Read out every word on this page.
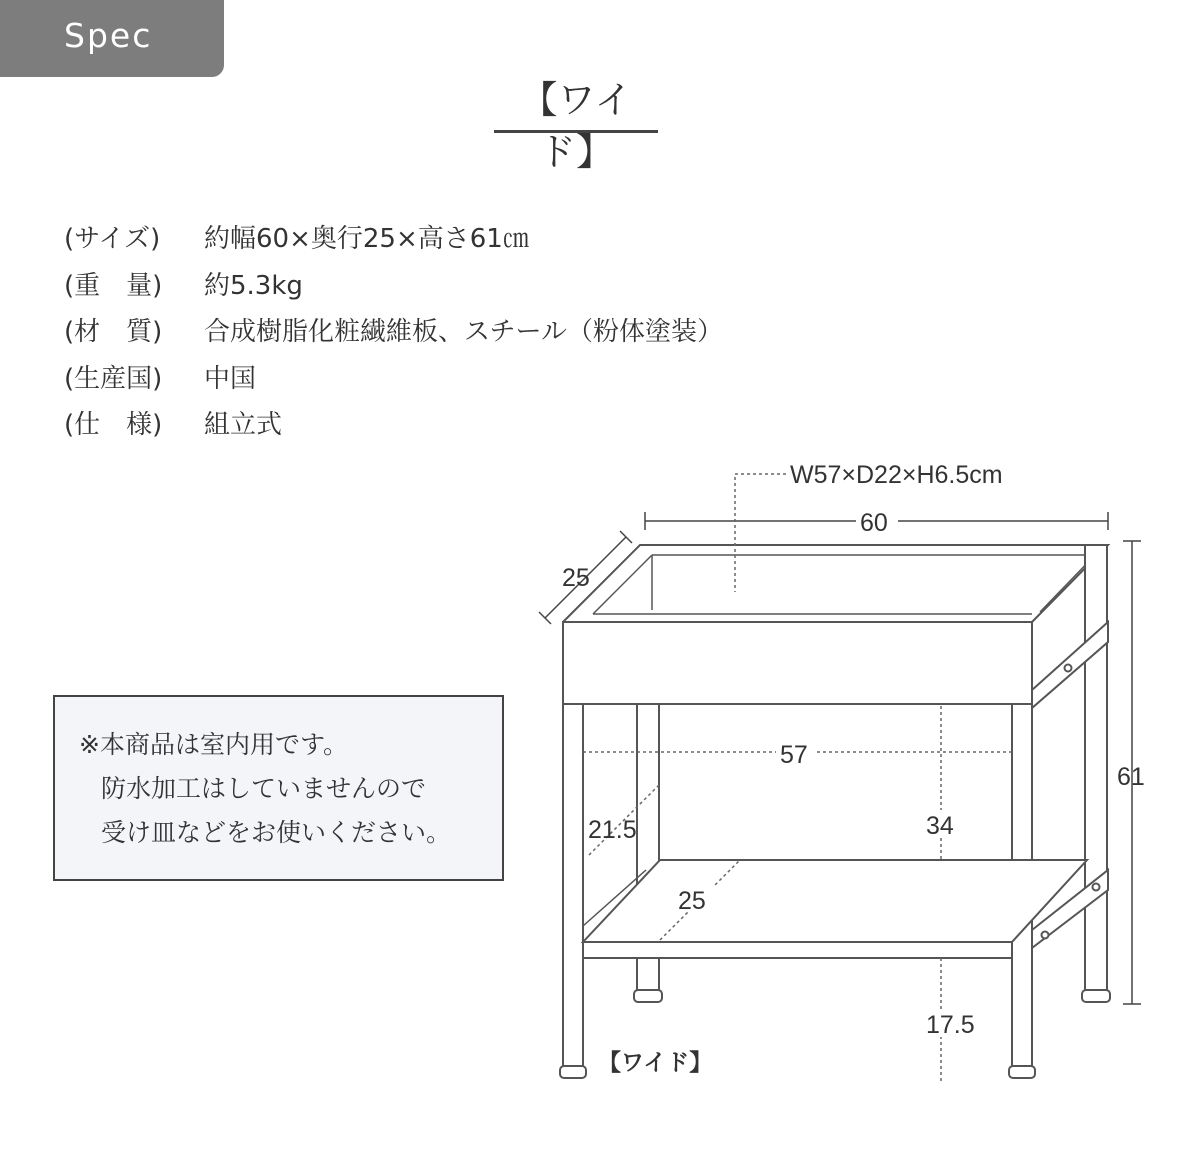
Spec
【ワイド】
(サイズ) 約幅60×奥行25×高さ61㎝
(重　量) 約5.3kg
(材　質) 合成樹脂化粧繊維板、スチール（粉体塗装）
(生産国) 中国
(仕　様) 組立式
※本商品は室内用です。
防水加工はしていませんので
受け皿などをお使いください。
W57×D22×H6.5cm
60
25
61
57
21.5	34
25
17.5
【ワイド】
